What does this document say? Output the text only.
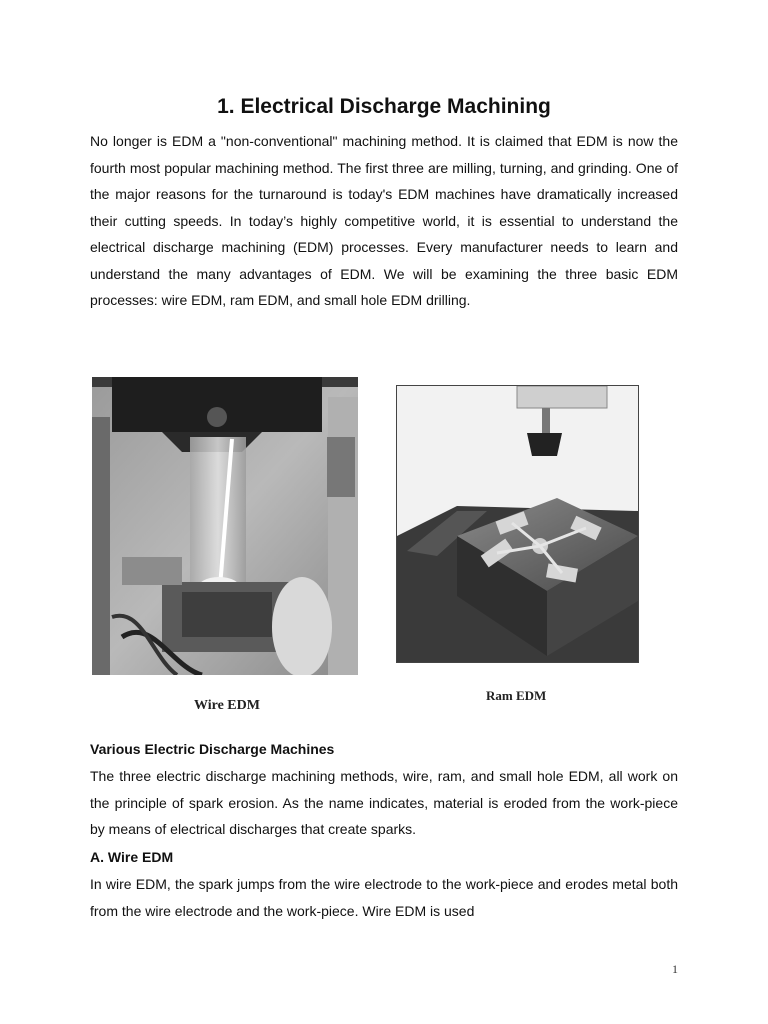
1. Electrical Discharge Machining

No longer is EDM a "non-conventional" machining method. It is claimed that EDM is now the fourth most popular machining method. The first three are milling, turning, and grinding. One of the major reasons for the turnaround is today's EDM machines have dramatically increased their cutting speeds. In today’s highly competitive world, it is essential to understand the electrical discharge machining (EDM) processes. Every manufacturer needs to learn and understand the many advantages of EDM. We will be examining the three basic EDM processes: wire EDM, ram EDM, and small hole EDM drilling.

Wire EDM
Ram EDM
Various Electric Discharge Machines

The three electric discharge machining methods, wire, ram, and small hole EDM, all work on the principle of spark erosion. As the name indicates, material is eroded from the work-piece by means of electrical discharges that create sparks.

A. Wire EDM

In wire EDM, the spark jumps from the wire electrode to the work-piece and erodes metal both from the wire electrode and the work-piece. Wire EDM is used

1
